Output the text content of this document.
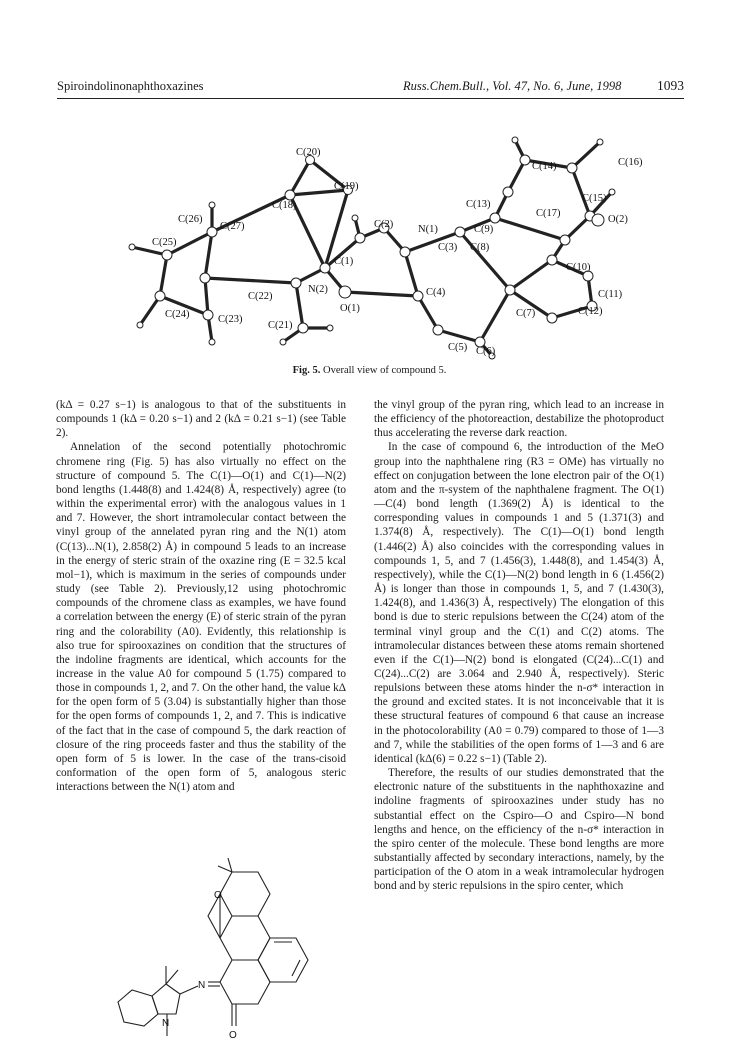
Spiroindolinonaphthoxazines	Russ.Chem.Bull., Vol. 47, No. 6, June, 1998	1093
C(20)
C(19)
C(18)
C(26)
C(27)	C(2) N(1)
C(25)
C(1)
N(2)
C(22)
O(1)
C(24)	C(23)
C(21)
C(14)	C(16)
C(13)
C(15)
C(17)
O(2)
C(9)
C(3) C(8)
C(10)
C(4)	C(11)
C(7)	C(12)
C(5) C(6)
Fig. 5. Overall view of compound 5.

(kΔ = 0.27 s−1) is analogous to that of the substituents in compounds 1 (kΔ = 0.20 s−1) and 2 (kΔ = 0.21 s−1) (see Table 2).

Annelation of the second potentially photochromic chromene ring (Fig. 5) has also virtually no effect on the structure of compound 5. The C(1)—O(1) and C(1)—N(2) bond lengths (1.448(8) and 1.424(8) Å, respectively) agree (to within the experimental error) with the analogous values in 1 and 7. However, the short intramolecular contact between the vinyl group of the annelated pyran ring and the N(1) atom (C(13)...N(1), 2.858(2) Å) in compound 5 leads to an increase in the energy of steric strain of the oxazine ring (E = 32.5 kcal mol−1), which is maximum in the series of compounds under study (see Table 2). Previously,12 using photochromic compounds of the chromene class as examples, we have found a correlation between the energy (E) of steric strain of the pyran ring and the colorability (A0). Evidently, this relationship is also true for spirooxazines on condition that the structures of the indoline fragments are identical, which accounts for the increase in the value A0 for compound 5 (1.75) compared to those in compounds 1, 2, and 7. On the other hand, the value kΔ for the open form of 5 (3.04) is substantially higher than those for the open forms of compounds 1, 2, and 7. This is indicative of the fact that in the case of compound 5, the dark reaction of closure of the ring proceeds faster and thus the stability of the open form of 5 is lower. In the case of the trans-cisoid conformation of the open form of 5, analogous steric interactions between the N(1) atom and

N
N
O
O

the vinyl group of the pyran ring, which lead to an increase in the efficiency of the photoreaction, destabilize the photoproduct thus accelerating the reverse dark reaction.

In the case of compound 6, the introduction of the MeO group into the naphthalene ring (R3 = OMe) has virtually no effect on conjugation between the lone electron pair of the O(1) atom and the π-system of the naphthalene fragment. The O(1)—C(4) bond length (1.369(2) Å) is identical to the corresponding values in compounds 1 and 5 (1.371(3) and 1.374(8) Å, respectively). The C(1)—O(1) bond length (1.446(2) Å) also coincides with the corresponding values in compounds 1, 5, and 7 (1.456(3), 1.448(8), and 1.454(3) Å, respectively), while the C(1)—N(2) bond length in 6 (1.456(2) Å) is longer than those in compounds 1, 5, and 7 (1.430(3), 1.424(8), and 1.436(3) Å, respectively) The elongation of this bond is due to steric repulsions between the C(24) atom of the terminal vinyl group and the C(1) and C(2) atoms. The intramolecular distances between these atoms remain shortened even if the C(1)—N(2) bond is elongated (C(24)...C(1) and C(24)...C(2) are 3.064 and 2.940 Å, respectively). Steric repulsions between these atoms hinder the n-σ* interaction in the ground and excited states. It is not inconceivable that it is these structural features of compound 6 that cause an increase in the photocolorability (A0 = 0.79) compared to those of 1—3 and 7, while the stabilities of the open forms of 1—3 and 6 are identical (kΔ(6) = 0.22 s−1) (Table 2).

Therefore, the results of our studies demonstrated that the electronic nature of the substituents in the naphthoxazine and indoline fragments of spirooxazines under study has no substantial effect on the Cspiro—O and Cspiro—N bond lengths and hence, on the efficiency of the n-σ* interaction in the spiro center of the molecule. These bond lengths are more substantially affected by secondary interactions, namely, by the participation of the O atom in a weak intramolecular hydrogen bond and by steric repulsions in the spiro center, which
